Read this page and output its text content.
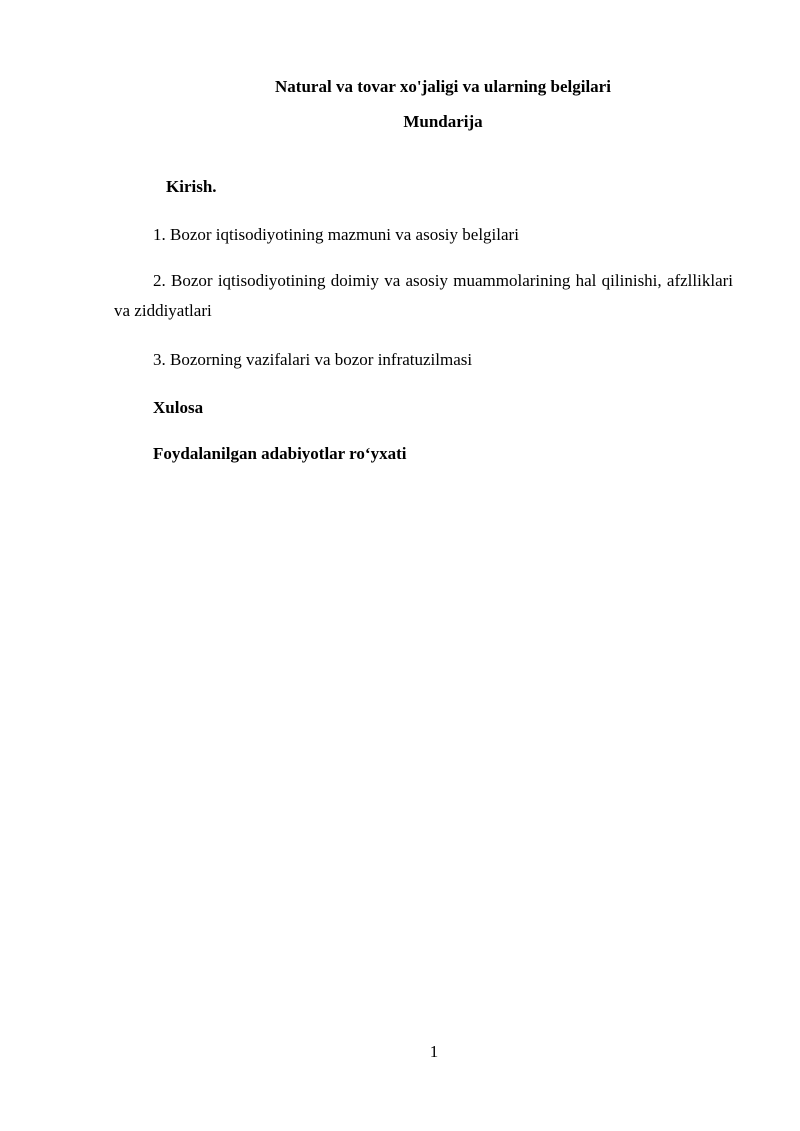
Natural va tovar xo'jaligi va ularning belgilari
Mundarija
Kirish.
1. Bozor iqtisodiyotining mazmuni va asosiy belgilari
2. Bozor iqtisodiyotining doimiy va asosiy muammolarining hal qilinishi, afzlliklari va ziddiyatlari
3. Bozorning vazifalari va bozor infratuzilmasi
Xulosa
Foydalanilgan adabiyotlar ro‘yxati
1
